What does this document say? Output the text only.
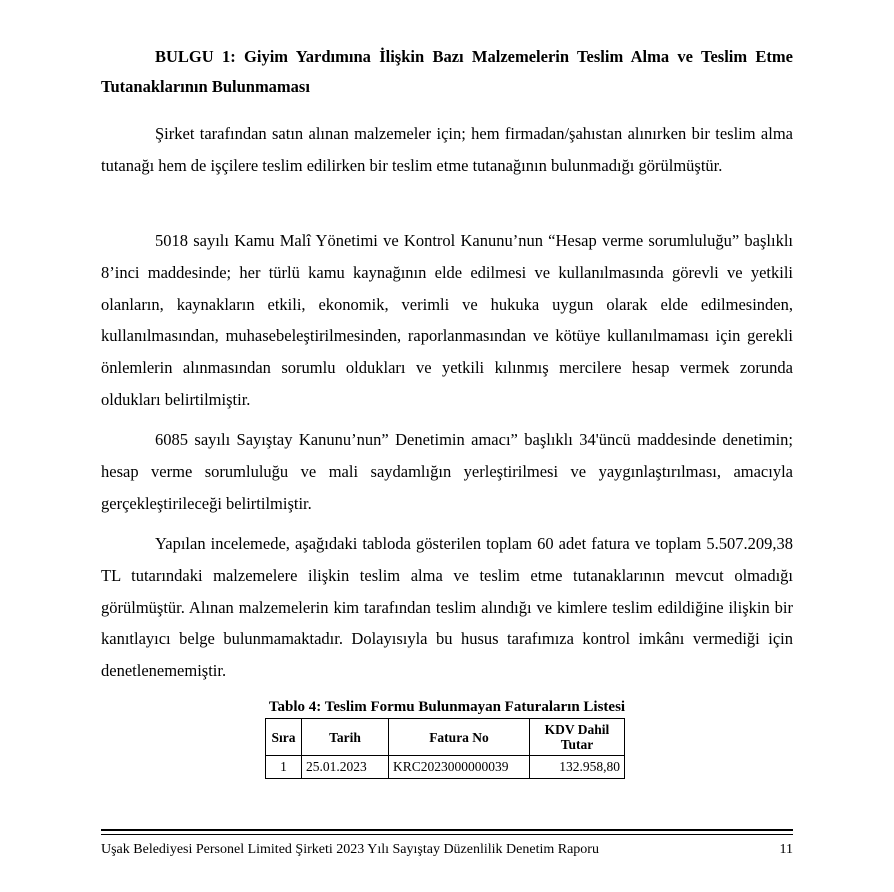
BULGU 1: Giyim Yardımına İlişkin Bazı Malzemelerin Teslim Alma ve Teslim Etme Tutanaklarının Bulunmaması

Şirket tarafından satın alınan malzemeler için; hem firmadan/şahıstan alınırken bir teslim alma tutanağı hem de işçilere teslim edilirken bir teslim etme tutanağının bulunmadığı görülmüştür.

5018 sayılı Kamu Malî Yönetimi ve Kontrol Kanunu’nun “Hesap verme sorumluluğu” başlıklı 8’inci maddesinde; her türlü kamu kaynağının elde edilmesi ve kullanılmasında görevli ve yetkili olanların, kaynakların etkili, ekonomik, verimli ve hukuka uygun olarak elde edilmesinden, kullanılmasından, muhasebeleştirilmesinden, raporlanmasından ve kötüye kullanılmaması için gerekli önlemlerin alınmasından sorumlu oldukları ve yetkili kılınmış mercilere hesap vermek zorunda oldukları belirtilmiştir.

6085 sayılı Sayıştay Kanunu’nun” Denetimin amacı” başlıklı 34'üncü maddesinde denetimin; hesap verme sorumluluğu ve mali saydamlığın yerleştirilmesi ve yaygınlaştırılması, amacıyla gerçekleştirileceği belirtilmiştir.

Yapılan incelemede, aşağıdaki tabloda gösterilen toplam 60 adet fatura ve toplam 5.507.209,38 TL tutarındaki malzemelere ilişkin teslim alma ve teslim etme tutanaklarının mevcut olmadığı görülmüştür. Alınan malzemelerin kim tarafından teslim alındığı ve kimlere teslim edildiğine ilişkin bir kanıtlayıcı belge bulunmamaktadır. Dolayısıyla bu husus tarafımıza kontrol imkânı vermediği için denetlenememiştir.

Tablo 4: Teslim Formu Bulunmayan Faturaların Listesi

Sıra	Tarih	Fatura No	KDV Dahil Tutar
1	25.01.2023	KRC2023000000039	132.958,80
Uşak Belediyesi Personel Limited Şirketi 2023 Yılı Sayıştay Düzenlilik Denetim Raporu	11
